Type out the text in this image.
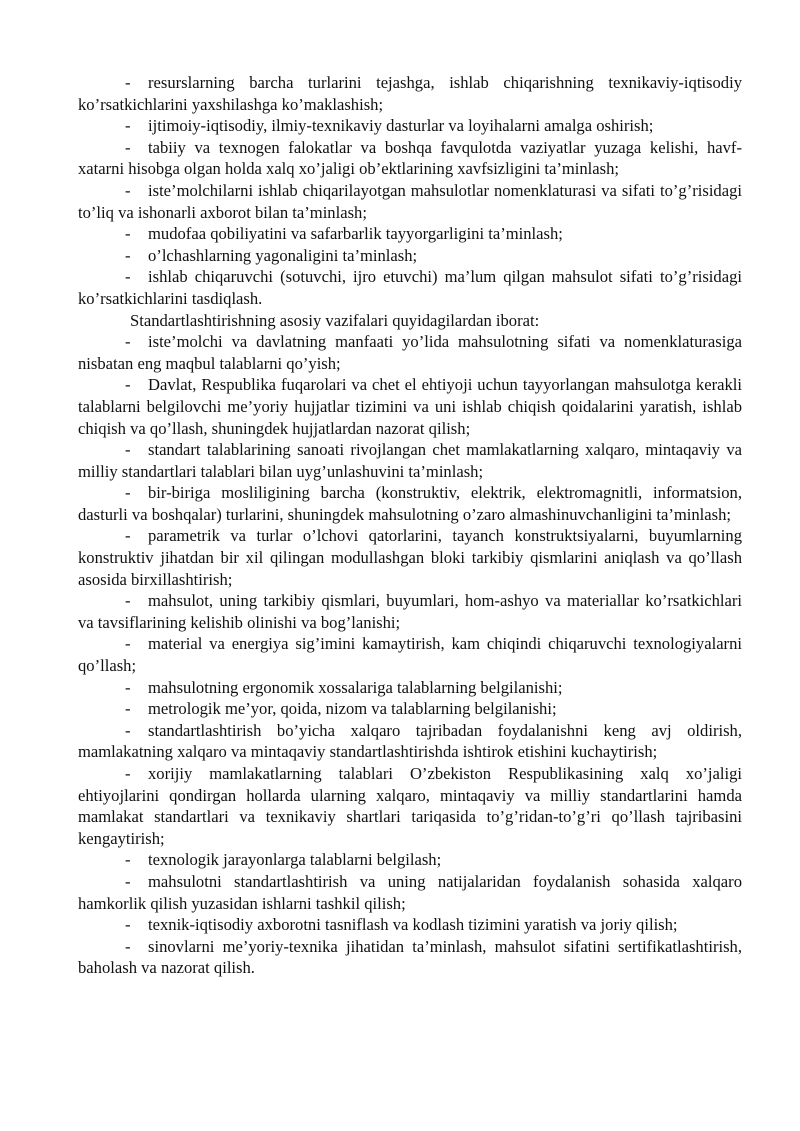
- resurslarning barcha turlarini tejashga, ishlab chiqarishning texnikaviy-iqtisodiy ko’rsatkichlarini yaxshilashga ko’maklashish;

- ijtimoiy-iqtisodiy, ilmiy-texnikaviy dasturlar va loyihalarni amalga oshirish;

- tabiiy va texnogen falokatlar va boshqa favqulotda vaziyatlar yuzaga kelishi, havf-xatarni hisobga olgan holda xalq xo’jaligi ob’ektlarining xavfsizligini ta’minlash;

- iste’molchilarni ishlab chiqarilayotgan mahsulotlar nomenklaturasi va sifati to’g’risidagi to’liq va ishonarli axborot bilan ta’minlash;

- mudofaa qobiliyatini va safarbarlik tayyorgarligini ta’minlash;

- o’lchashlarning yagonaligini ta’minlash;

- ishlab chiqaruvchi (sotuvchi, ijro etuvchi) ma’lum qilgan mahsulot sifati to’g’risidagi ko’rsatkichlarini tasdiqlash.

Standartlashtirishning asosiy vazifalari quyidagilardan iborat:

- iste’molchi va davlatning manfaati yo’lida mahsulotning sifati va nomenklaturasiga nisbatan eng maqbul talablarni qo’yish;

- Davlat, Respublika fuqarolari va chet el ehtiyoji uchun tayyorlangan mahsulotga kerakli talablarni belgilovchi me’yoriy hujjatlar tizimini va uni ishlab chiqish qoidalarini yaratish, ishlab chiqish va qo’llash, shuningdek hujjatlardan nazorat qilish;

- standart talablarining sanoati rivojlangan chet mamlakatlarning xalqaro, mintaqaviy va milliy standartlari talablari bilan uyg’unlashuvini ta’minlash;

- bir-biriga mosliligining barcha (konstruktiv, elektrik, elektromagnitli, informatsion, dasturli va boshqalar) turlarini, shuningdek mahsulotning o’zaro almashinuvchanligini ta’minlash;

- parametrik va turlar o’lchovi qatorlarini, tayanch konstruktsiyalarni, buyumlarning konstruktiv jihatdan bir xil qilingan modullashgan bloki tarkibiy qismlarini aniqlash va qo’llash asosida birxillashtirish;

- mahsulot, uning tarkibiy qismlari, buyumlari, hom-ashyo va materiallar ko’rsatkichlari va tavsiflarining kelishib olinishi va bog’lanishi;

- material va energiya sig’imini kamaytirish, kam chiqindi chiqaruvchi texnologiyalarni qo’llash;

- mahsulotning ergonomik xossalariga talablarning belgilanishi;

- metrologik me’yor, qoida, nizom va talablarning belgilanishi;

- standartlashtirish bo’yicha xalqaro tajribadan foydalanishni keng avj oldirish, mamlakatning xalqaro va mintaqaviy standartlashtirishda ishtirok etishini kuchaytirish;

- xorijiy mamlakatlarning talablari O’zbekiston Respublikasining xalq xo’jaligi ehtiyojlarini qondirgan hollarda ularning xalqaro, mintaqaviy va milliy standartlarini hamda mamlakat standartlari va texnikaviy shartlari tariqasida to’g’ridan-to’g’ri qo’llash tajribasini kengaytirish;

- texnologik jarayonlarga talablarni belgilash;

- mahsulotni standartlashtirish va uning natijalaridan foydalanish sohasida xalqaro hamkorlik qilish yuzasidan ishlarni tashkil qilish;

- texnik-iqtisodiy axborotni tasniflash va kodlash tizimini yaratish va joriy qilish;

- sinovlarni me’yoriy-texnika jihatidan ta’minlash, mahsulot sifatini sertifikatlashtirish, baholash va nazorat qilish.
